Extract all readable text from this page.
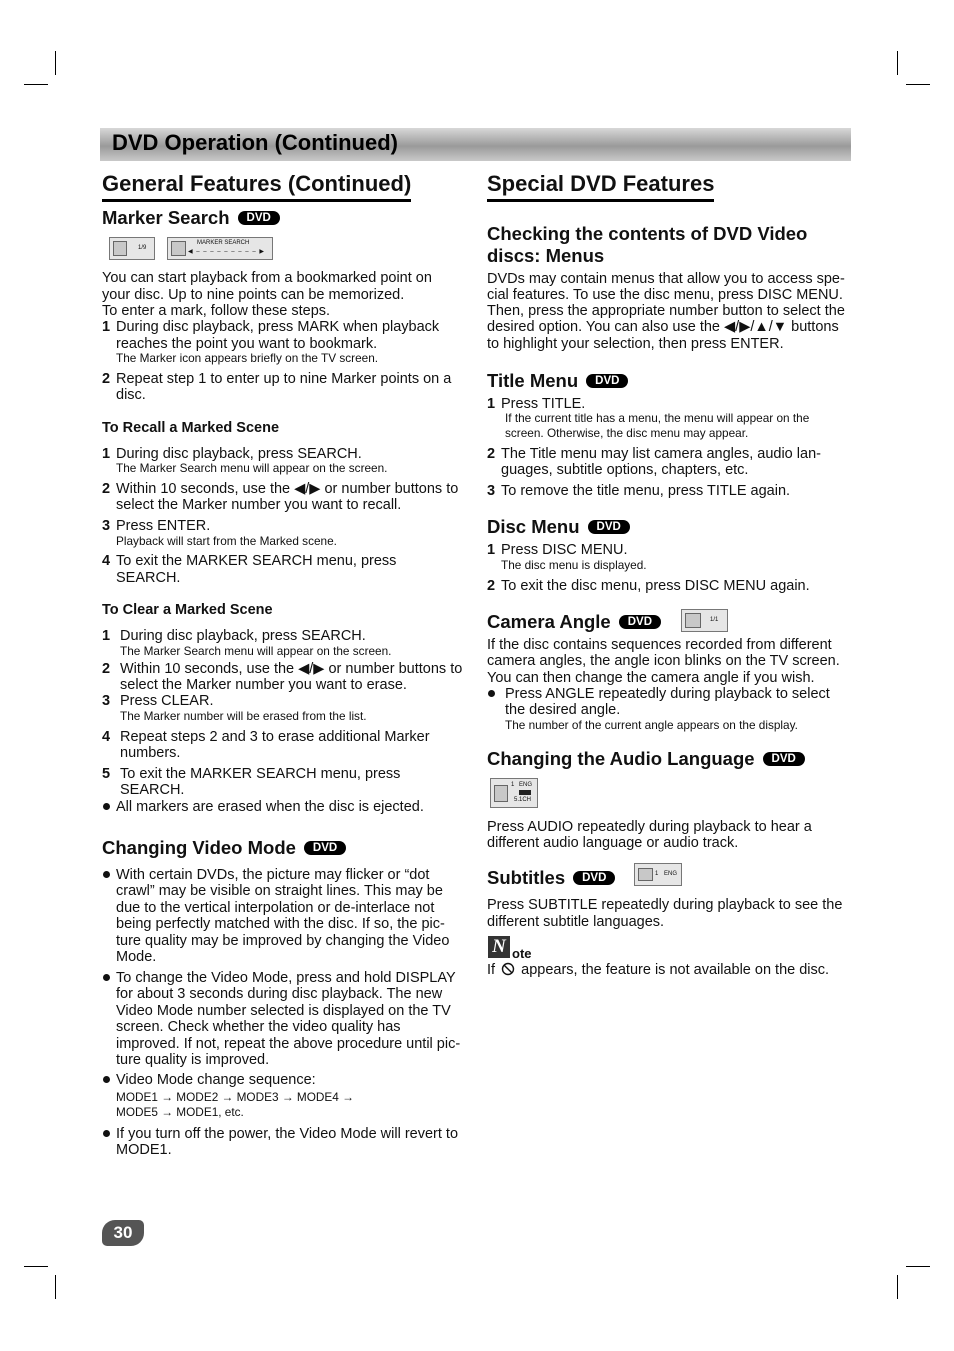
DVD Operation (Continued)
General Features (Continued)
Marker Search DVD
1/9
MARKER SEARCH
◀ – – – – – – – – – ▶
You can start playback from a bookmarked point on
your disc. Up to nine points can be memorized.
To enter a mark, follow these steps.
1 During disc playback, press MARK when playback
reaches the point you want to bookmark.
The Marker icon appears briefly on the TV screen.
2 Repeat step 1 to enter up to nine Marker points on a
disc.
To Recall a Marked Scene
1 During disc playback, press SEARCH.
The Marker Search menu will appear on the screen.
2 Within 10 seconds, use the ◀/▶ or number buttons to
select the Marker number you want to recall.
3 Press ENTER.
Playback will start from the Marked scene.
4 To exit the MARKER SEARCH menu, press
SEARCH.
To Clear a Marked Scene
1 During disc playback, press SEARCH.
The Marker Search menu will appear on the screen.
2 Within 10 seconds, use the ◀/▶ or number buttons to
select the Marker number you want to erase.
3 Press CLEAR.
The Marker number will be erased from the list.
4 Repeat steps 2 and 3 to erase additional Marker
numbers.
5 To exit the MARKER SEARCH menu, press
SEARCH.
All markers are erased when the disc is ejected.
Changing Video Mode DVD
With certain DVDs, the picture may flicker or “dot
crawl” may be visible on straight lines. This may be
due to the vertical interpolation or de-interlace not
being perfectly matched with the disc. If so, the pic-
ture quality may be improved by changing the Video
Mode.
To change the Video Mode, press and hold DISPLAY
for about 3 seconds during disc playback. The new
Video Mode number selected is displayed on the TV
screen. Check whether the video quality has
improved. If not, repeat the above procedure until pic-
ture quality is improved.
Video Mode change sequence:
MODE1 → MODE2 → MODE3 → MODE4 →
MODE5 → MODE1, etc.
If you turn off the power, the Video Mode will revert to
MODE1.
Special DVD Features
Checking the contents of DVD Video
discs: Menus
DVDs may contain menus that allow you to access spe-
cial features. To use the disc menu, press DISC MENU.
Then, press the appropriate number button to select the
desired option. You can also use the ◀/▶/▲/▼ buttons
to highlight your selection, then press ENTER.
Title Menu DVD
1 Press TITLE.
If the current title has a menu, the menu will appear on the
screen. Otherwise, the disc menu may appear.
2 The Title menu may list camera angles, audio lan-
guages, subtitle options, chapters, etc.
3 To remove the title menu, press TITLE again.
Disc Menu DVD
1 Press DISC MENU.
The disc menu is displayed.
2 To exit the disc menu, press DISC MENU again.
Camera Angle DVD	1/1
If the disc contains sequences recorded from different
camera angles, the angle icon blinks on the TV screen.
You can then change the camera angle if you wish.
Press ANGLE repeatedly during playback to select
the desired angle.
The number of the current angle appears on the display.
Changing the Audio Language DVD
1 ENG
5.1CH
Press AUDIO repeatedly during playback to hear a
different audio language or audio track.
Subtitles DVD	1 ENG
Press SUBTITLE repeatedly during playback to see the
different subtitle languages.
N ote
If appears, the feature is not available on the disc.
30
